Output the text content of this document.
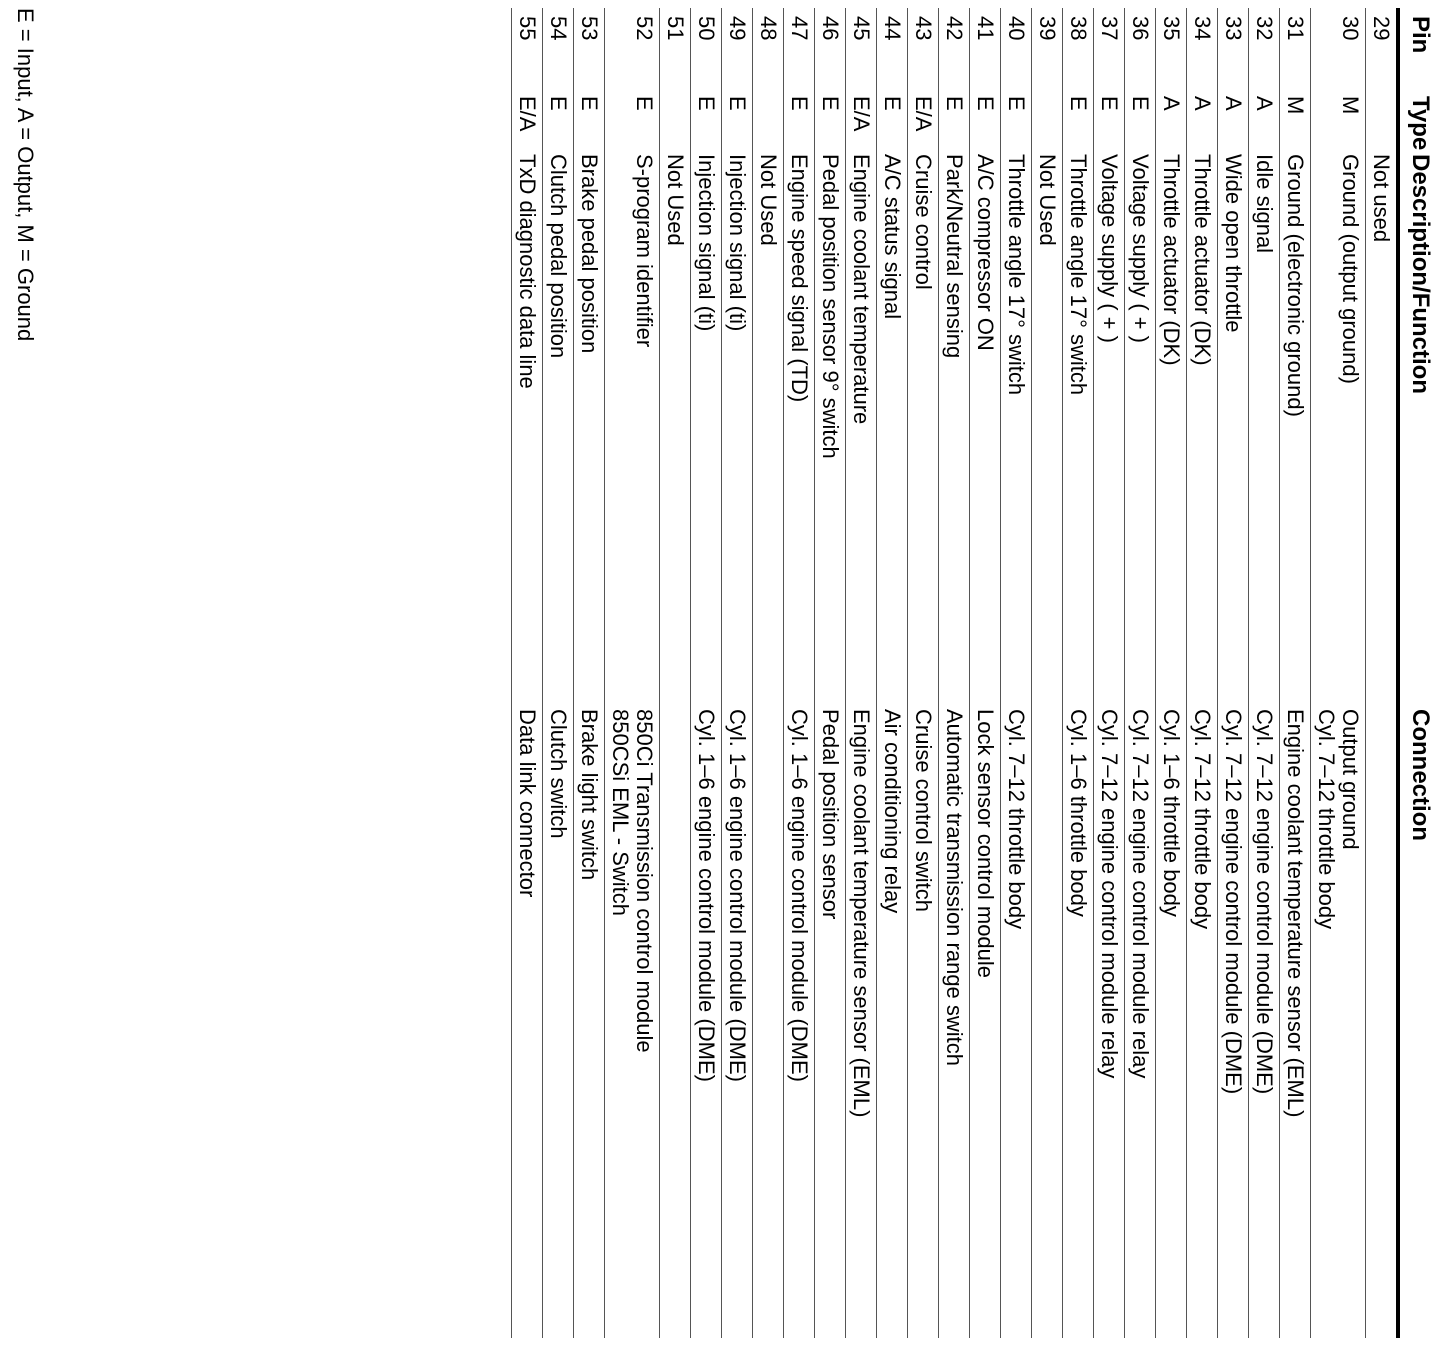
Pin	Type	Description/Function	Connection
29		Not used	
30	M	Ground (output ground)	Output ground
Cyl. 7–12 throttle body

31	M	Ground (electronic ground)	Engine coolant temperature sensor (EML)

32	A	Idle signal	Cyl. 7–12 engine control module (DME)

33	A	Wide open throttle	Cyl. 7–12 engine control module (DME)

34	A	Throttle actuator (DK)	Cyl. 7–12 throttle body

35	A	Throttle actuator (DK)	Cyl. 1–6 throttle body

36	E	Voltage supply ( + )	Cyl. 7–12 engine control module relay

37	E	Voltage supply ( + )	Cyl. 7–12 engine control module relay

38	E	Throttle angle 17° switch	Cyl. 1–6 throttle body

39		Not Used	
40	E	Throttle angle 17° switch	Cyl. 7–12 throttle body

41	E	A/C compressor ON	Lock sensor control module

42	E	Park/Neutral sensing	Automatic transmission range switch

43	E/A	Cruise control	Cruise control switch

44	E	A/C status signal	Air conditioning relay

45	E/A	Engine coolant temperature	Engine coolant temperature sensor (EML)

46	E	Pedal position sensor 9° switch	Pedal position sensor

47	E	Engine speed signal (TD)	Cyl. 1–6 engine control module (DME)

48		Not Used	
49	E	Injection signal (ti)	Cyl. 1–6 engine control module (DME)

50	E	Injection signal (ti)	Cyl. 1–6 engine control module (DME)

51		Not Used	
52	E	S-program identifier	850Ci Transmission control module
850CSi EML - Switch

53	E	Brake pedal position	Brake light switch

54	E	Clutch pedal position	Clutch switch

55	E/A	TxD diagnostic data line	Data link connector
E = Input, A = Output, M = Ground
